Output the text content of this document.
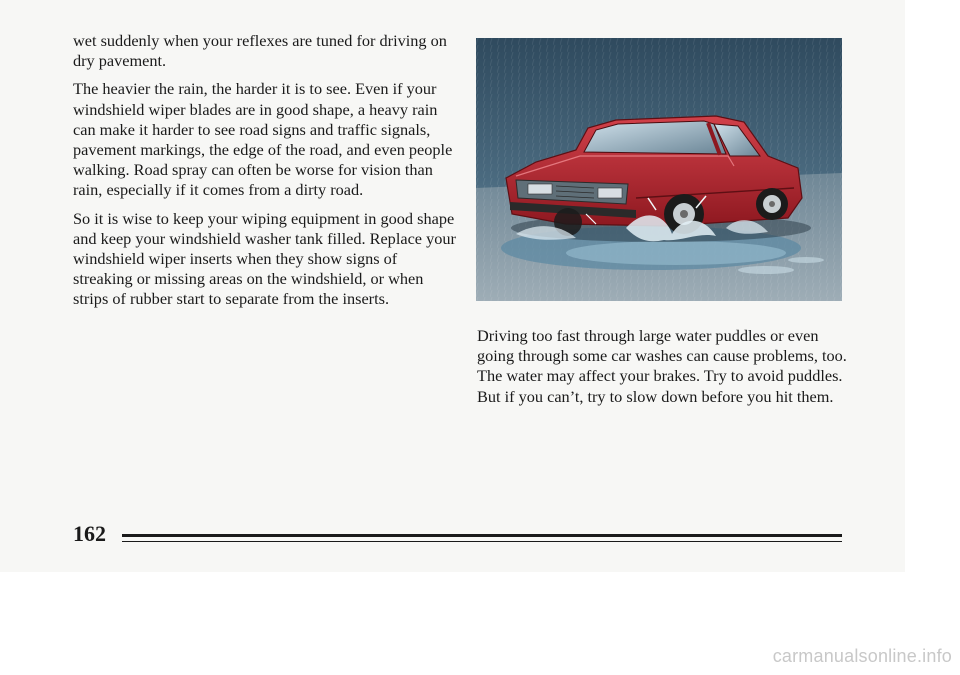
wet suddenly when your reflexes are tuned for driving on dry pavement.

The heavier the rain, the harder it is to see. Even if your windshield wiper blades are in good shape, a heavy rain can make it harder to see road signs and traffic signals, pavement markings, the edge of the road, and even people walking. Road spray can often be worse for vision than rain, especially if it comes from a dirty road.

So it is wise to keep your wiping equipment in good shape and keep your windshield washer tank filled. Replace your windshield wiper inserts when they show signs of streaking or missing areas on the windshield, or when strips of rubber start to separate from the inserts.

Driving too fast through large water puddles or even going through some car washes can cause problems, too. The water may affect your brakes. Try to avoid puddles. But if you can’t, try to slow down before you hit them.

162
carmanualsonline.info
